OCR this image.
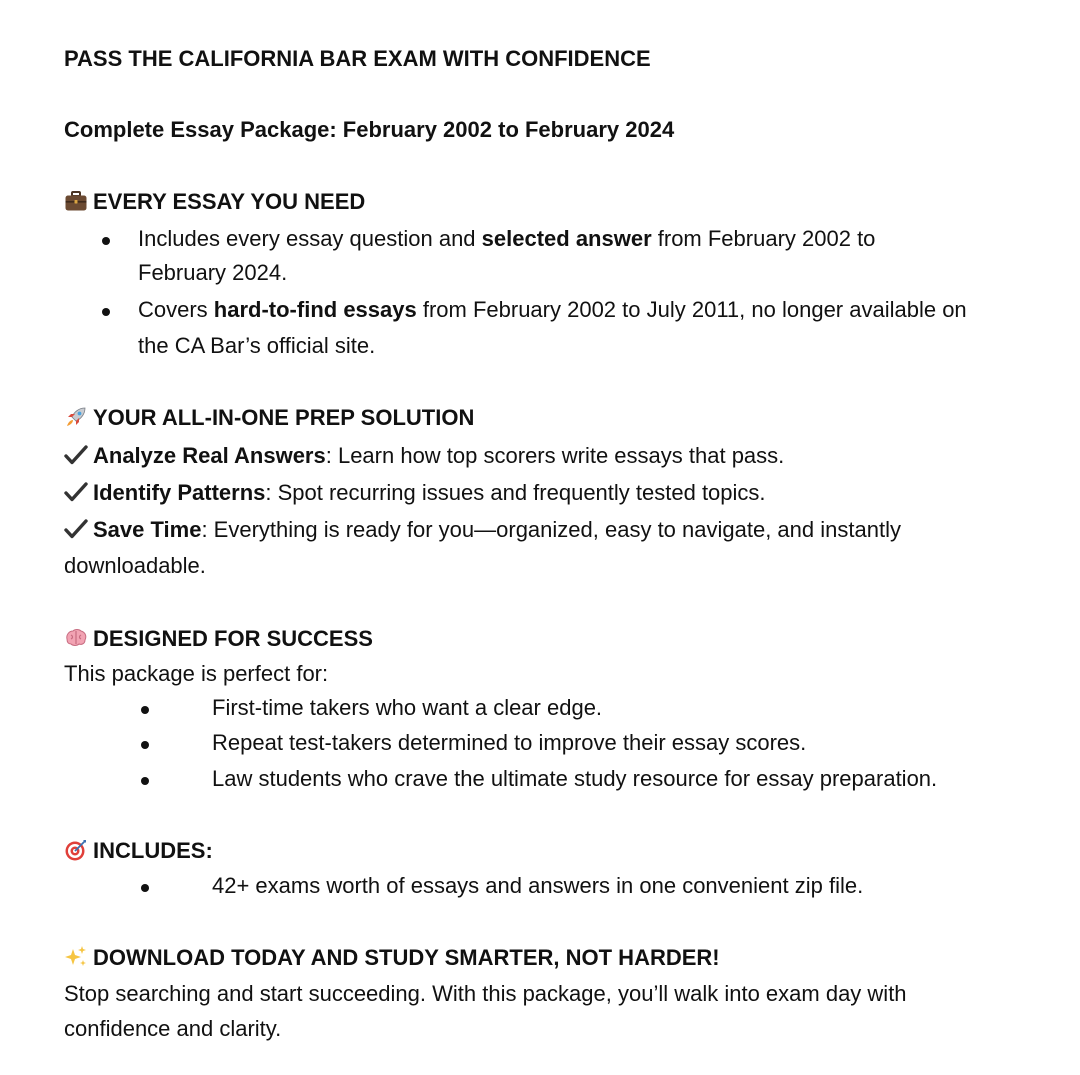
PASS THE CALIFORNIA BAR EXAM WITH CONFIDENCE
Complete Essay Package: February 2002 to February 2024
EVERY ESSAY YOU NEED
Includes every essay question and selected answer from February 2002 to
February 2024.
Covers hard-to-find essays from February 2002 to July 2011, no longer available on
the CA Bar’s official site.
YOUR ALL-IN-ONE PREP SOLUTION
Analyze Real Answers: Learn how top scorers write essays that pass.
Identify Patterns: Spot recurring issues and frequently tested topics.
Save Time: Everything is ready for you—organized, easy to navigate, and instantly
downloadable.
DESIGNED FOR SUCCESS
This package is perfect for:
First-time takers who want a clear edge.
Repeat test-takers determined to improve their essay scores.
Law students who crave the ultimate study resource for essay preparation.
INCLUDES:
42+ exams worth of essays and answers in one convenient zip file.
DOWNLOAD TODAY AND STUDY SMARTER, NOT HARDER!
Stop searching and start succeeding. With this package, you’ll walk into exam day with
confidence and clarity.
